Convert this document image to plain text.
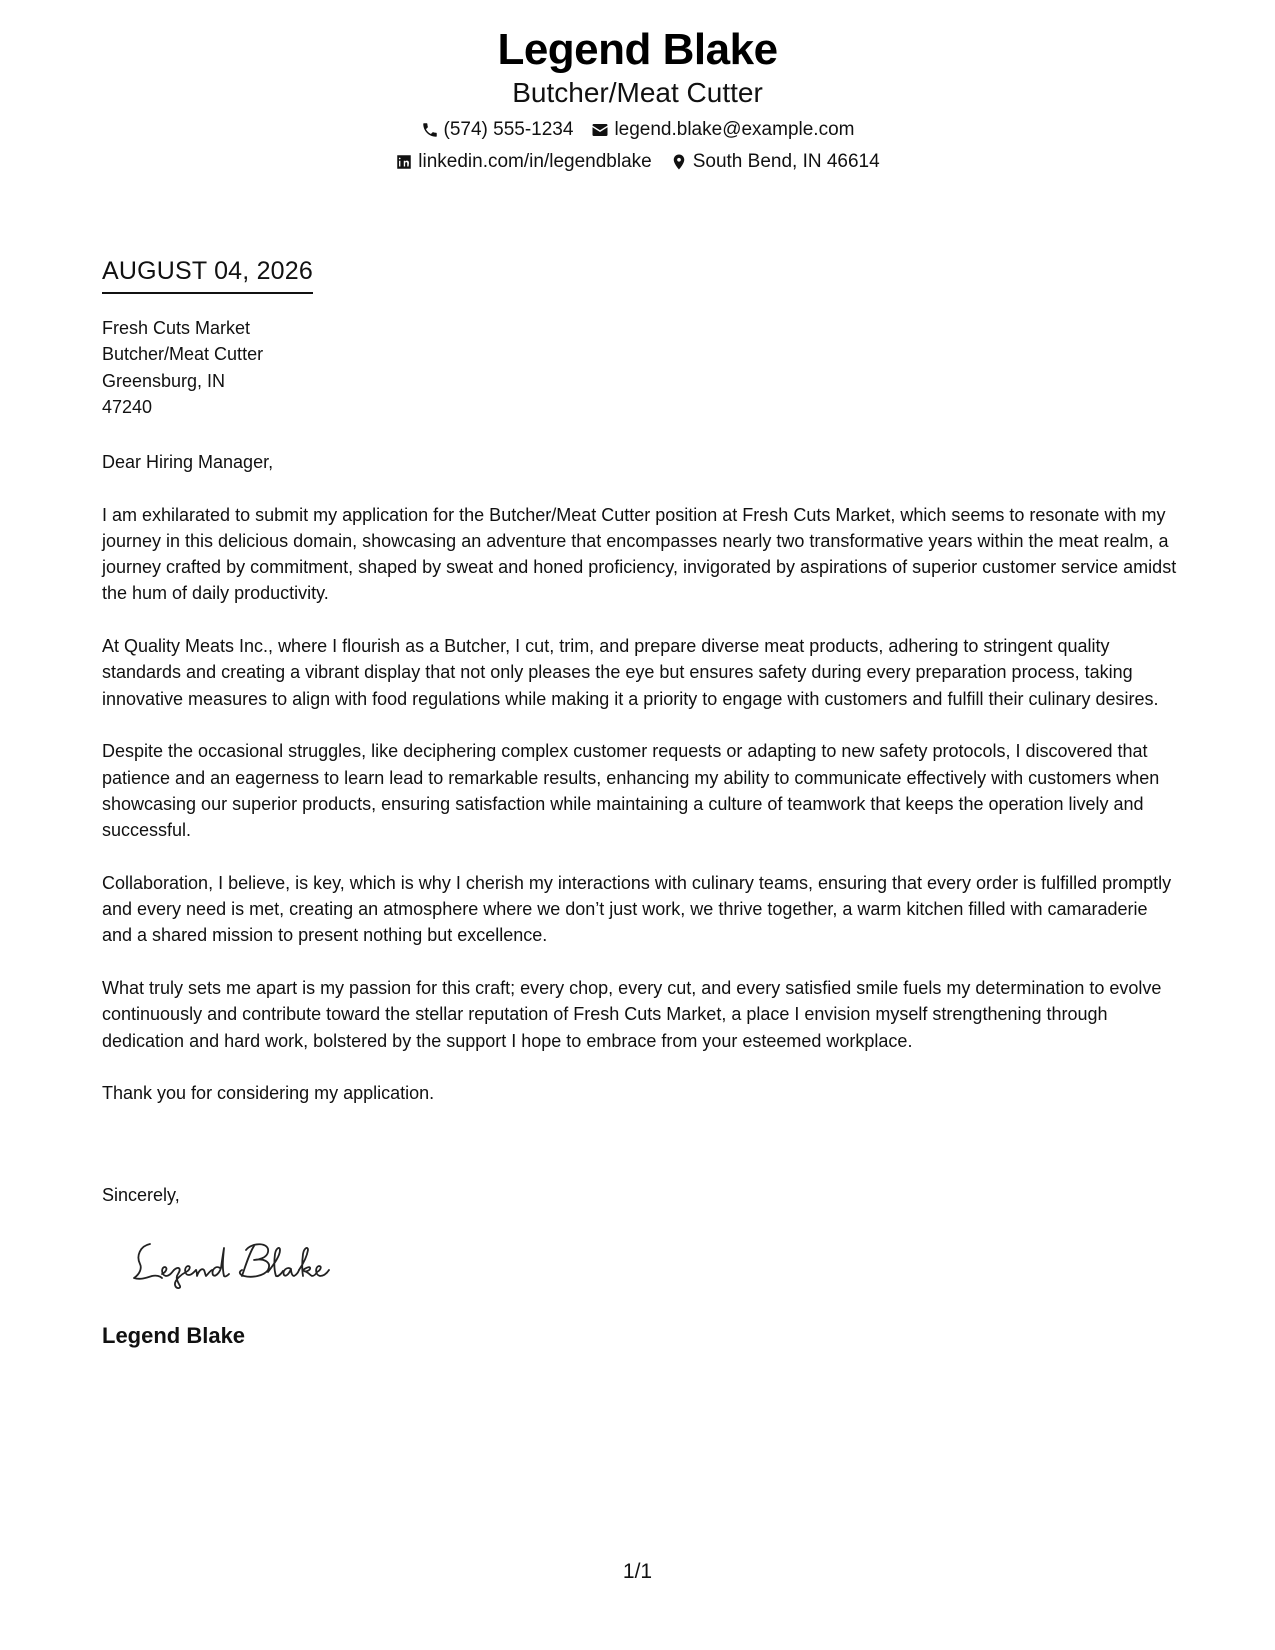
Legend Blake
Butcher/Meat Cutter
(574) 555-1234 legend.blake@example.com
linkedin.com/in/legendblake South Bend, IN 46614
AUGUST 04, 2026
Fresh Cuts Market
Butcher/Meat Cutter
Greensburg, IN
47240

Dear Hiring Manager,

I am exhilarated to submit my application for the Butcher/Meat Cutter position at Fresh Cuts Market, which seems to resonate with my journey in this delicious domain, showcasing an adventure that encompasses nearly two transformative years within the meat realm, a journey crafted by commitment, shaped by sweat and honed proficiency, invigorated by aspirations of superior customer service amidst the hum of daily productivity.

At Quality Meats Inc., where I flourish as a Butcher, I cut, trim, and prepare diverse meat products, adhering to stringent quality standards and creating a vibrant display that not only pleases the eye but ensures safety during every preparation process, taking innovative measures to align with food regulations while making it a priority to engage with customers and fulfill their culinary desires.

Despite the occasional struggles, like deciphering complex customer requests or adapting to new safety protocols, I discovered that patience and an eagerness to learn lead to remarkable results, enhancing my ability to communicate effectively with customers when showcasing our superior products, ensuring satisfaction while maintaining a culture of teamwork that keeps the operation lively and successful.

Collaboration, I believe, is key, which is why I cherish my interactions with culinary teams, ensuring that every order is fulfilled promptly and every need is met, creating an atmosphere where we don’t just work, we thrive together, a warm kitchen filled with camaraderie and a shared mission to present nothing but excellence.

What truly sets me apart is my passion for this craft; every chop, every cut, and every satisfied smile fuels my determination to evolve continuously and contribute toward the stellar reputation of Fresh Cuts Market, a place I envision myself strengthening through dedication and hard work, bolstered by the support I hope to embrace from your esteemed workplace.

Thank you for considering my application.

Sincerely,
Legend Blake
1/1
